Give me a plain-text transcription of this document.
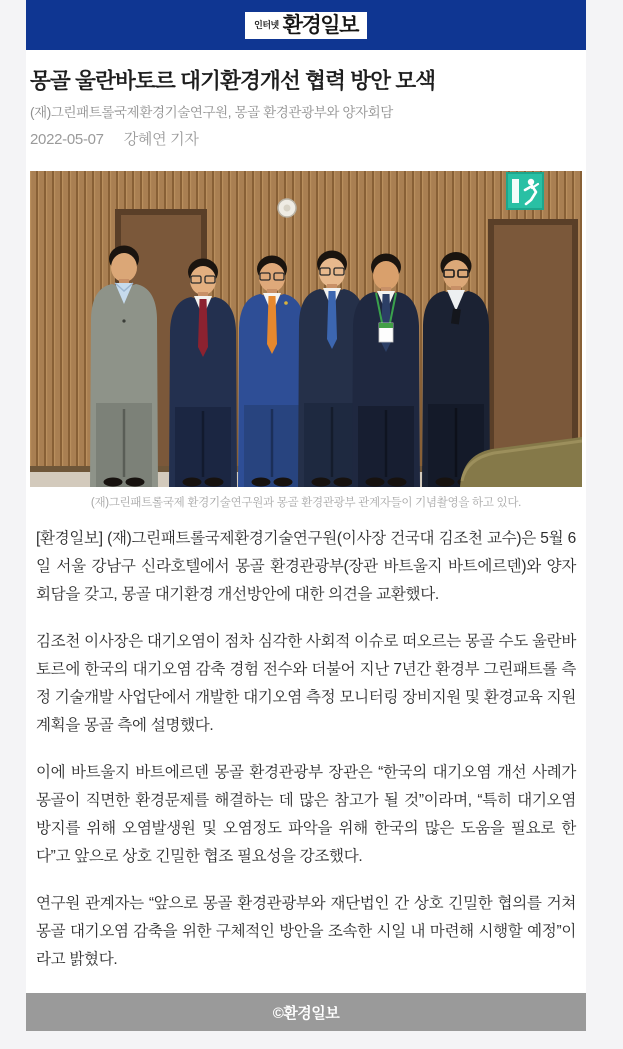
인터넷 환경일보
몽골 울란바토르 대기환경개선 협력 방안 모색

(재)그린패트롤국제환경기술연구원, 몽골 환경관광부와 양자회담

2022-05-07 강혜연 기자
(재)그린패트롤국제 환경기술연구원과 몽골 환경관광부 관계자들이 기념촬영을 하고 있다.

[환경일보] (재)그린패트롤국제환경기술연구원(이사장 건국대 김조천 교수)은 5월 6일 서울 강남구 신라호텔에서 몽골 환경관광부(장관 바트울지 바트에르덴)와 양자회담을 갖고, 몽골 대기환경 개선방안에 대한 의견을 교환했다.

김조천 이사장은 대기오염이 점차 심각한 사회적 이슈로 떠오르는 몽골 수도 울란바토르에 한국의 대기오염 감축 경험 전수와 더불어 지난 7년간 환경부 그린패트롤 측정 기술개발 사업단에서 개발한 대기오염 측정 모니터링 장비지원 및 환경교육 지원 계획을 몽골 측에 설명했다.

이에 바트울지 바트에르덴 몽골 환경관광부 장관은 “한국의 대기오염 개선 사례가 몽골이 직면한 환경문제를 해결하는 데 많은 참고가 될 것”이라며, “특히 대기오염 방지를 위해 오염발생원 및 오염정도 파악을 위해 한국의 많은 도움을 필요로 한다”고 앞으로 상호 긴밀한 협조 필요성을 강조했다.

연구원 관계자는 “앞으로 몽골 환경관광부와 재단법인 간 상호 긴밀한 협의를 거쳐 몽골 대기오염 감축을 위한 구체적인 방안을 조속한 시일 내 마련해 시행할 예정”이라고 밝혔다.

©환경일보
